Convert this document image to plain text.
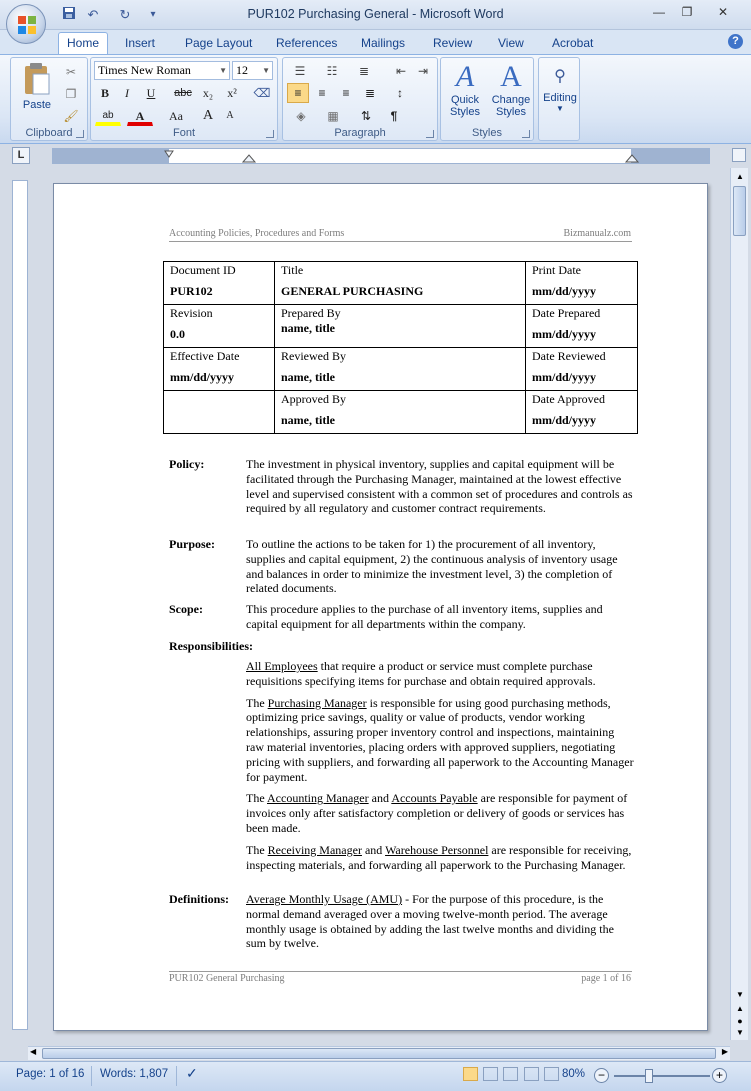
↶ ↻	▾	PUR102 Purchasing General - Microsoft Word	—	❐	✕
Home	Insert Page Layout References Mailings Review View Acrobat	?
Paste
✂
❐
🖌
Clipboard
Times New Roman	▼ 12 ▼
B	I	U	abc x₂	x²	⌫
ab	A	Aa	A	A
Font
☰	☷	≣	⇤ ⇥
≡	≡	≡	≣	↕
◈	▦	⇅	¶
Paragraph
A
Quick Styles
A
Change Styles
Styles
⚲
Editing
▼
L
Accounting Policies, Procedures and Forms	Bizmanualz.com
Document ID
PUR102	Title
GENERAL PURCHASING	Print Date
mm/dd/yyyy

Revision
0.0	Prepared By
name, title	Date Prepared
mm/dd/yyyy

Effective Date
mm/dd/yyyy	Reviewed By
name, title	Date Reviewed
mm/dd/yyyy

	Approved By
name, title	Date Approved
mm/dd/yyyy
Policy:	The investment in physical inventory, supplies and capital equipment will be facilitated through the Purchasing Manager, maintained at the lowest effective level and supervised consistent with a common set of procedures and controls as required by all regulatory and customer contract requirements.
Purpose:	To outline the actions to be taken for 1) the procurement of all inventory, supplies and capital equipment, 2) the continuous analysis of inventory usage and balances in order to minimize the investment level, 3) the completion of related documents.
Scope:	This procedure applies to the purchase of all inventory items, supplies and capital equipment for all departments within the company.
Responsibilities:

All Employees that require a product or service must complete purchase requisitions specifying items for purchase and obtain required approvals.

The Purchasing Manager is responsible for using good purchasing methods, optimizing price savings, quality or value of products, vendor working relationships, assuring proper inventory control and inspections, maintaining raw material inventories, placing orders with approved suppliers, negotiating pricing with suppliers, and forwarding all paperwork to the Accounting Manager for payment.

The Accounting Manager and Accounts Payable are responsible for payment of invoices only after satisfactory completion or delivery of goods or services has been made.

The Receiving Manager and Warehouse Personnel are responsible for receiving, inspecting materials, and forwarding all paperwork to the Purchasing Manager.

Definitions: Average Monthly Usage (AMU) - For the purpose of this procedure, is the normal demand averaged over a moving twelve-month period. The average monthly usage is obtained by adding the last twelve months and dividing the sum by twelve.
PUR102 General Purchasing	page 1 of 16
▲
▼
▲
●
▼
◀	▶
Page: 1 of 16 Words: 1,807 ✓
	80%	−	+
